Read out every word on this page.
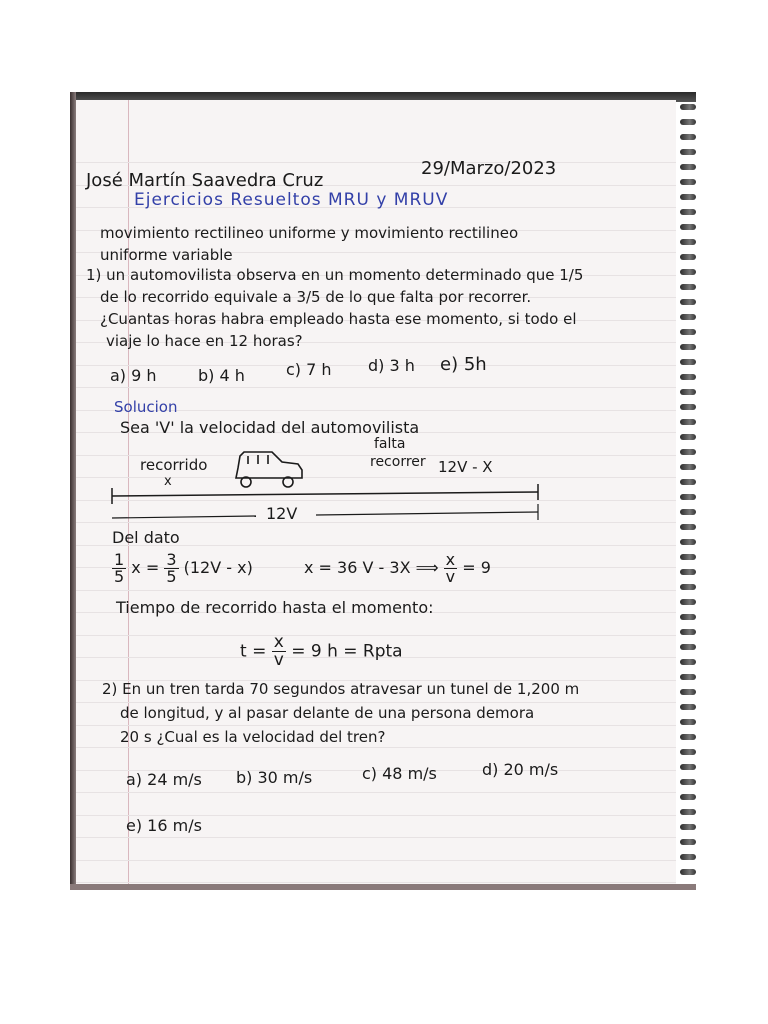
José Martín Saavedra Cruz
29/Marzo/2023
Ejercicios Resueltos MRU y MRUV
movimiento rectilineo uniforme y movimiento rectilineo
uniforme variable
1) un automovilista observa en un momento determinado que 1/5
de lo recorrido equivale a 3/5 de lo que falta por recorrer.
¿Cuantas horas habra empleado hasta ese momento, si todo el
viaje lo hace en 12 horas?
a) 9 h	b) 4 h	c) 7 h d) 3 h e) 5h
Solucion
Sea 'V' la velocidad del automovilista
recorrido
x
falta
recorrer 12V - X
12V
Del dato
$\frac{1}{5}$ $x = \frac{3}{5} (12V - x)$	x = 36 V - 3X ⟹ $\frac{x}{v} = 9$
Tiempo de recorrido hasta el momento:
$t = \frac{x}{v} = 9$ h = Rpta
2) En un tren tarda 70 segundos atravesar un tunel de 1,200 m
de longitud, y al pasar delante de una persona demora
20 s ¿Cual es la velocidad del tren?
a) 24 m/s b) 30 m/s	c) 48 m/s	d) 20 m/s
e) 16 m/s
